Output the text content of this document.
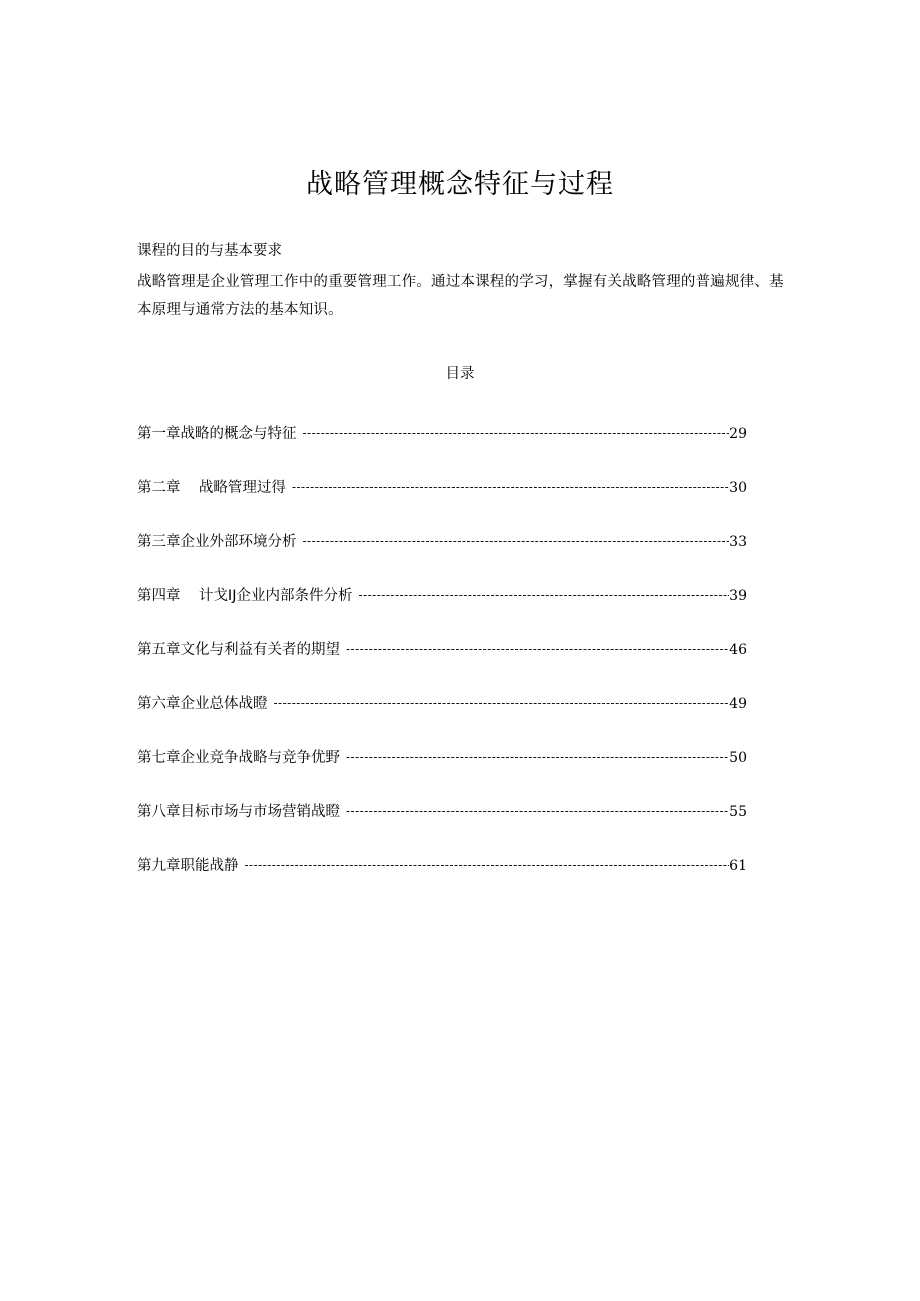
战略管理概念特征与过程
课程的目的与基本要求
战略管理是企业管理工作中的重要管理工作。通过本课程的学习，掌握有关战略管理的普遍规律、基本原理与通常方法的基本知识。
目录
第一章战略的概念与特征 -----	29
第二章    战略管理过得 -----	30
第三章企业外部环境分析 -----	33
第四章    计戈IJ企业内部条件分析 -----	39
第五章文化与利益有关者的期望 -----	46
第六章企业总体战瞪 -----	49
第七章企业竞争战略与竞争优野 -----	50
第八章目标市场与市场营销战瞪 -----	55
第九章职能战静 -----	61
